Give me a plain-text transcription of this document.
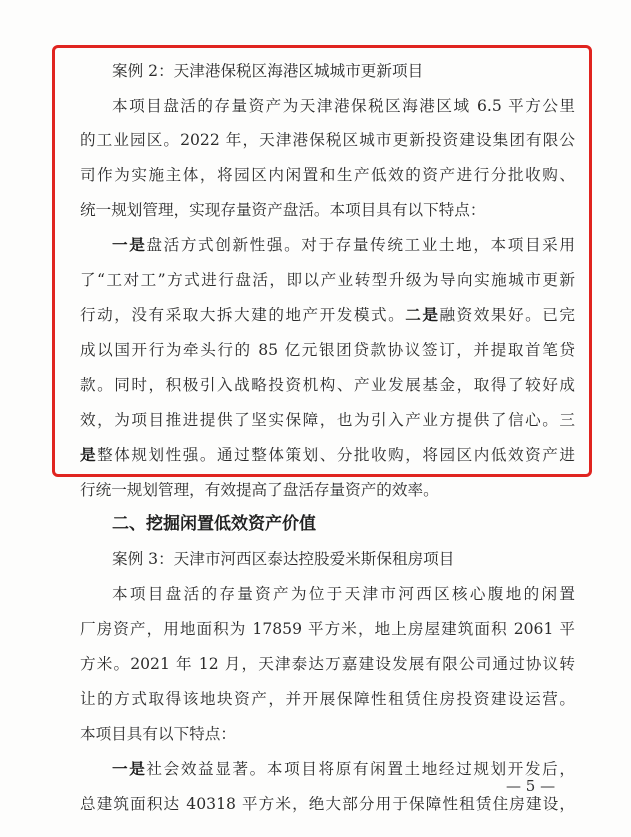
案例 2：天津港保税区海港区城城市更新项目
本项目盘活的存量资产为天津港保税区海港区域 6.5 平方公里
的工业园区。2022 年，天津港保税区城市更新投资建设集团有限公
司作为实施主体，将园区内闲置和生产低效的资产进行分批收购、
统一规划管理，实现存量资产盘活。本项目具有以下特点：
一是盘活方式创新性强。对于存量传统工业土地，本项目采用
了“工对工”方式进行盘活，即以产业转型升级为导向实施城市更新
行动，没有采取大拆大建的地产开发模式。二是融资效果好。已完
成以国开行为牵头行的 85 亿元银团贷款协议签订，并提取首笔贷
款。同时，积极引入战略投资机构、产业发展基金，取得了较好成
效，为项目推进提供了坚实保障，也为引入产业方提供了信心。三
是整体规划性强。通过整体策划、分批收购，将园区内低效资产进
行统一规划管理，有效提高了盘活存量资产的效率。
二、挖掘闲置低效资产价值
案例 3：天津市河西区泰达控股爱米斯保租房项目
本项目盘活的存量资产为位于天津市河西区核心腹地的闲置
厂房资产，用地面积为 17859 平方米，地上房屋建筑面积 2061 平
方米。2021 年 12 月，天津泰达万嘉建设发展有限公司通过协议转
让的方式取得该地块资产，并开展保障性租赁住房投资建设运营。
本项目具有以下特点：
一是社会效益显著。本项目将原有闲置土地经过规划开发后，
总建筑面积达 40318 平方米，绝大部分用于保障性租赁住房建设，
— 5 —
